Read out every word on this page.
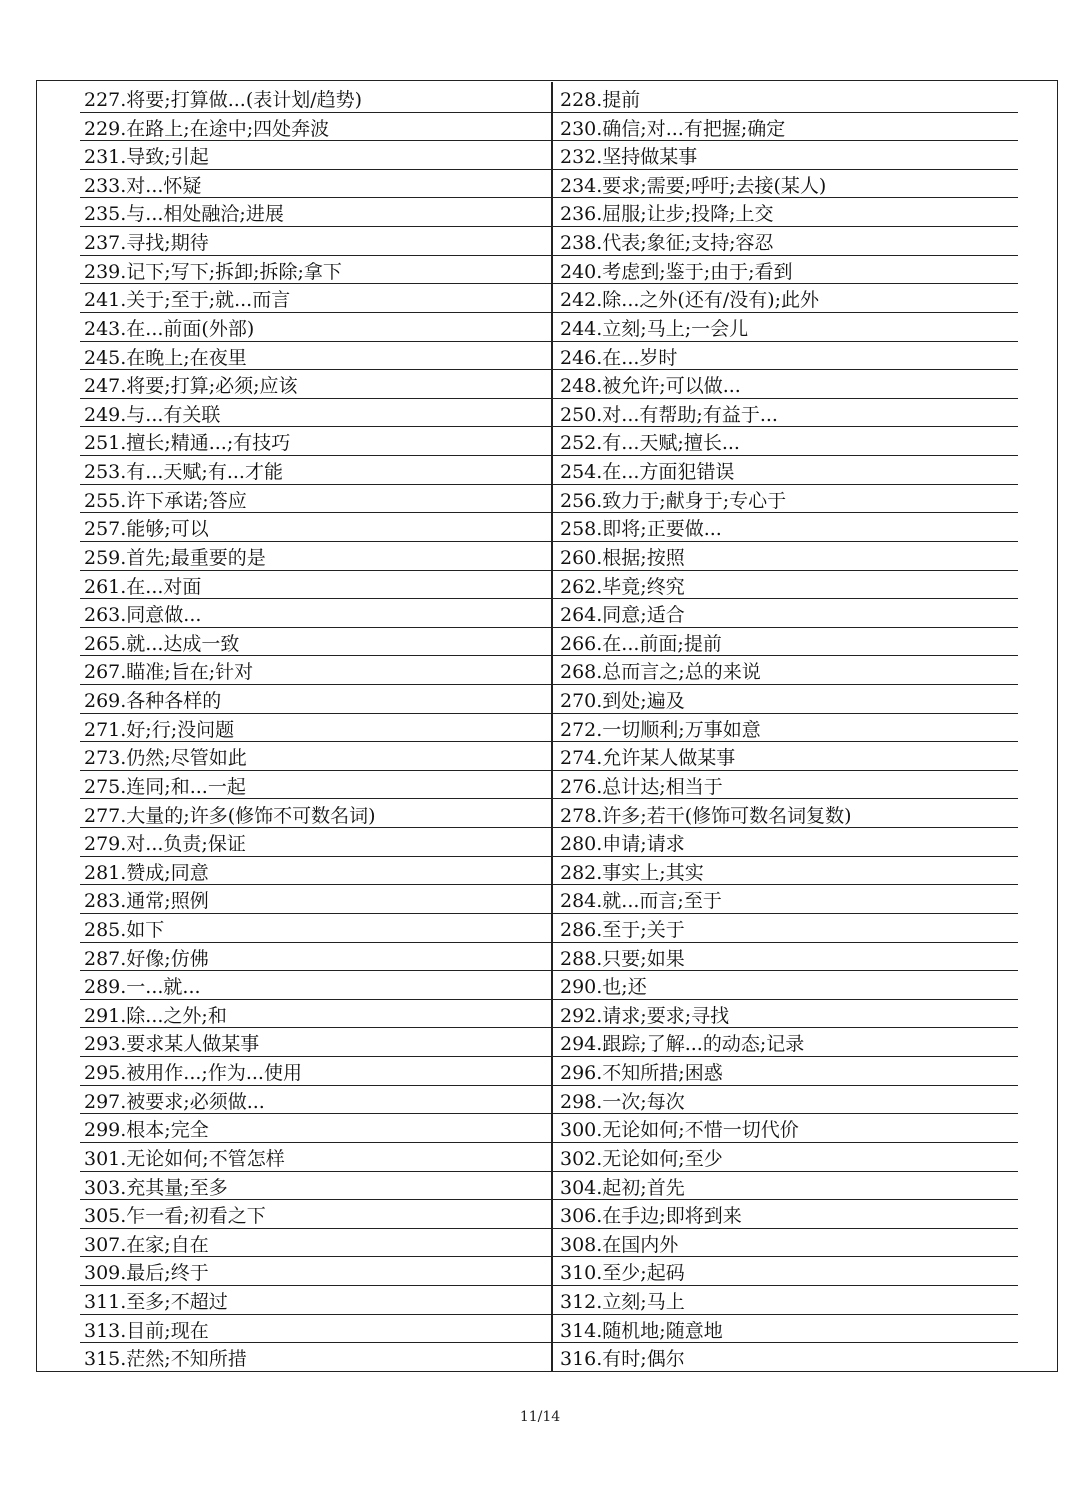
227.将要;打算做...(表计划/趋势)	228.提前
229.在路上;在途中;四处奔波	230.确信;对...有把握;确定
231.导致;引起	232.坚持做某事
233.对...怀疑	234.要求;需要;呼吁;去接(某人)
235.与...相处融洽;进展	236.屈服;让步;投降;上交
237.寻找;期待	238.代表;象征;支持;容忍
239.记下;写下;拆卸;拆除;拿下	240.考虑到;鉴于;由于;看到
241.关于;至于;就...而言	242.除...之外(还有/没有);此外
243.在...前面(外部)	244.立刻;马上;一会儿
245.在晚上;在夜里	246.在...岁时
247.将要;打算;必须;应该	248.被允许;可以做...
249.与...有关联	250.对...有帮助;有益于...
251.擅长;精通...;有技巧	252.有...天赋;擅长...
253.有...天赋;有...才能	254.在...方面犯错误
255.许下承诺;答应	256.致力于;献身于;专心于
257.能够;可以	258.即将;正要做...
259.首先;最重要的是	260.根据;按照
261.在...对面	262.毕竟;终究
263.同意做...	264.同意;适合
265.就...达成一致	266.在...前面;提前
267.瞄准;旨在;针对	268.总而言之;总的来说
269.各种各样的	270.到处;遍及
271.好;行;没问题	272.一切顺利;万事如意
273.仍然;尽管如此	274.允许某人做某事
275.连同;和...一起	276.总计达;相当于
277.大量的;许多(修饰不可数名词)	278.许多;若干(修饰可数名词复数)
279.对...负责;保证	280.申请;请求
281.赞成;同意	282.事实上;其实
283.通常;照例	284.就...而言;至于
285.如下	286.至于;关于
287.好像;仿佛	288.只要;如果
289.一...就...	290.也;还
291.除...之外;和	292.请求;要求;寻找
293.要求某人做某事	294.跟踪;了解...的动态;记录
295.被用作...;作为...使用	296.不知所措;困惑
297.被要求;必须做...	298.一次;每次
299.根本;完全	300.无论如何;不惜一切代价
301.无论如何;不管怎样	302.无论如何;至少
303.充其量;至多	304.起初;首先
305.乍一看;初看之下	306.在手边;即将到来
307.在家;自在	308.在国内外
309.最后;终于	310.至少;起码
311.至多;不超过	312.立刻;马上
313.目前;现在	314.随机地;随意地
315.茫然;不知所措	316.有时;偶尔
11/14
